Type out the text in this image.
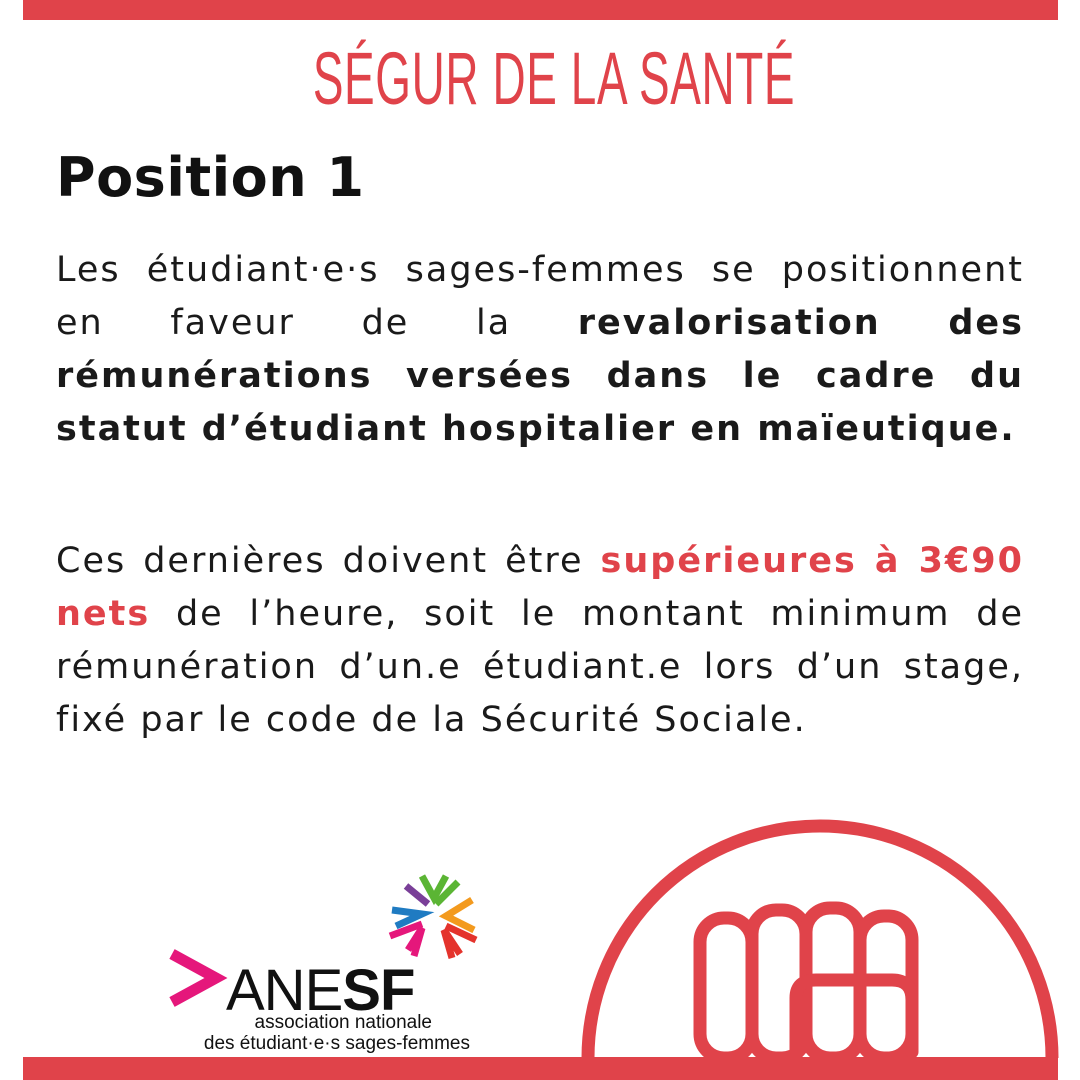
SÉGUR DE LA SANTÉ
Position 1

Les étudiant·e·s sages-femmes se positionnent en faveur de la revalorisation des rémunérations versées dans le cadre du statut d’étudiant hospitalier en maïeutique.

Ces dernières doivent être supérieures à 3€90 nets de l’heure, soit le montant minimum de rémunération d’un.e étudiant.e lors d’un stage, fixé par le code de la Sécurité Sociale.

ANESF

association nationale

des étudiant·e·s sages-femmes
